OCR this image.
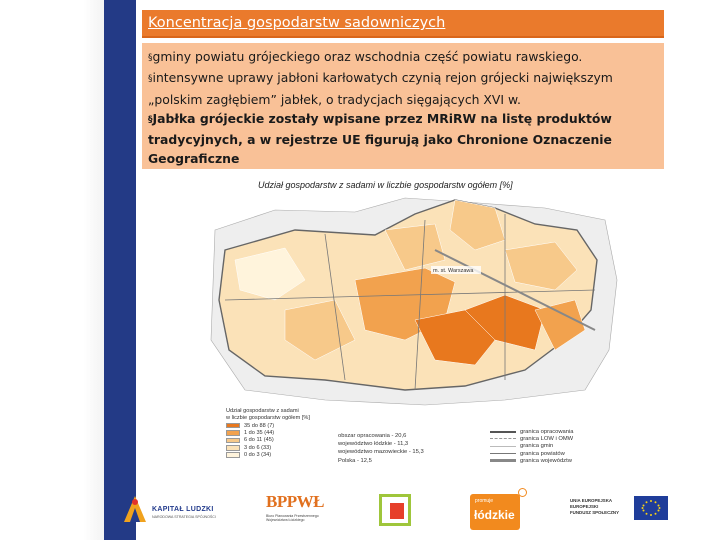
Koncentracja gospodarstw sadowniczych

§gminy powiatu grójeckiego oraz wschodnia część powiatu rawskiego.

§intensywne uprawy jabłoni karłowatych czynią rejon grójecki największym „polskim zagłębiem” jabłek, o tradycjach sięgających XVI w.

§Jabłka grójeckie zostały wpisane przez MRiRW na listę produktów tradycyjnych, a w rejestrze UE figurują jako Chronione Oznaczenie Geograficzne

Udział gospodarstw z sadami w liczbie gospodarstw ogółem [%]
m. st. Warszawa
Udział gospodarstw z sadami
w liczbie gospodarstw ogółem [%]
35 do 88 (7)
1 do 35 (44)
6 do 11 (45)
3 do 6 (33)
0 do 3 (34)
obszar opracowania - 20,6
województwo łódzkie - 11,3
województwo mazowieckie - 15,3
Polska - 12,5
granica opracowania
granica LOW i OMW
granica gmin
granica powiatów
granica województw
KAPITAŁ LUDZKI
NARODOWA STRATEGIA SPÓJNOŚCI
BPPWŁ
Biuro Planowania Przestrzennego Województwa Łódzkiego
promuje
łódzkie
UNIA EUROPEJSKA
EUROPEJSKI
FUNDUSZ SPOŁECZNY
